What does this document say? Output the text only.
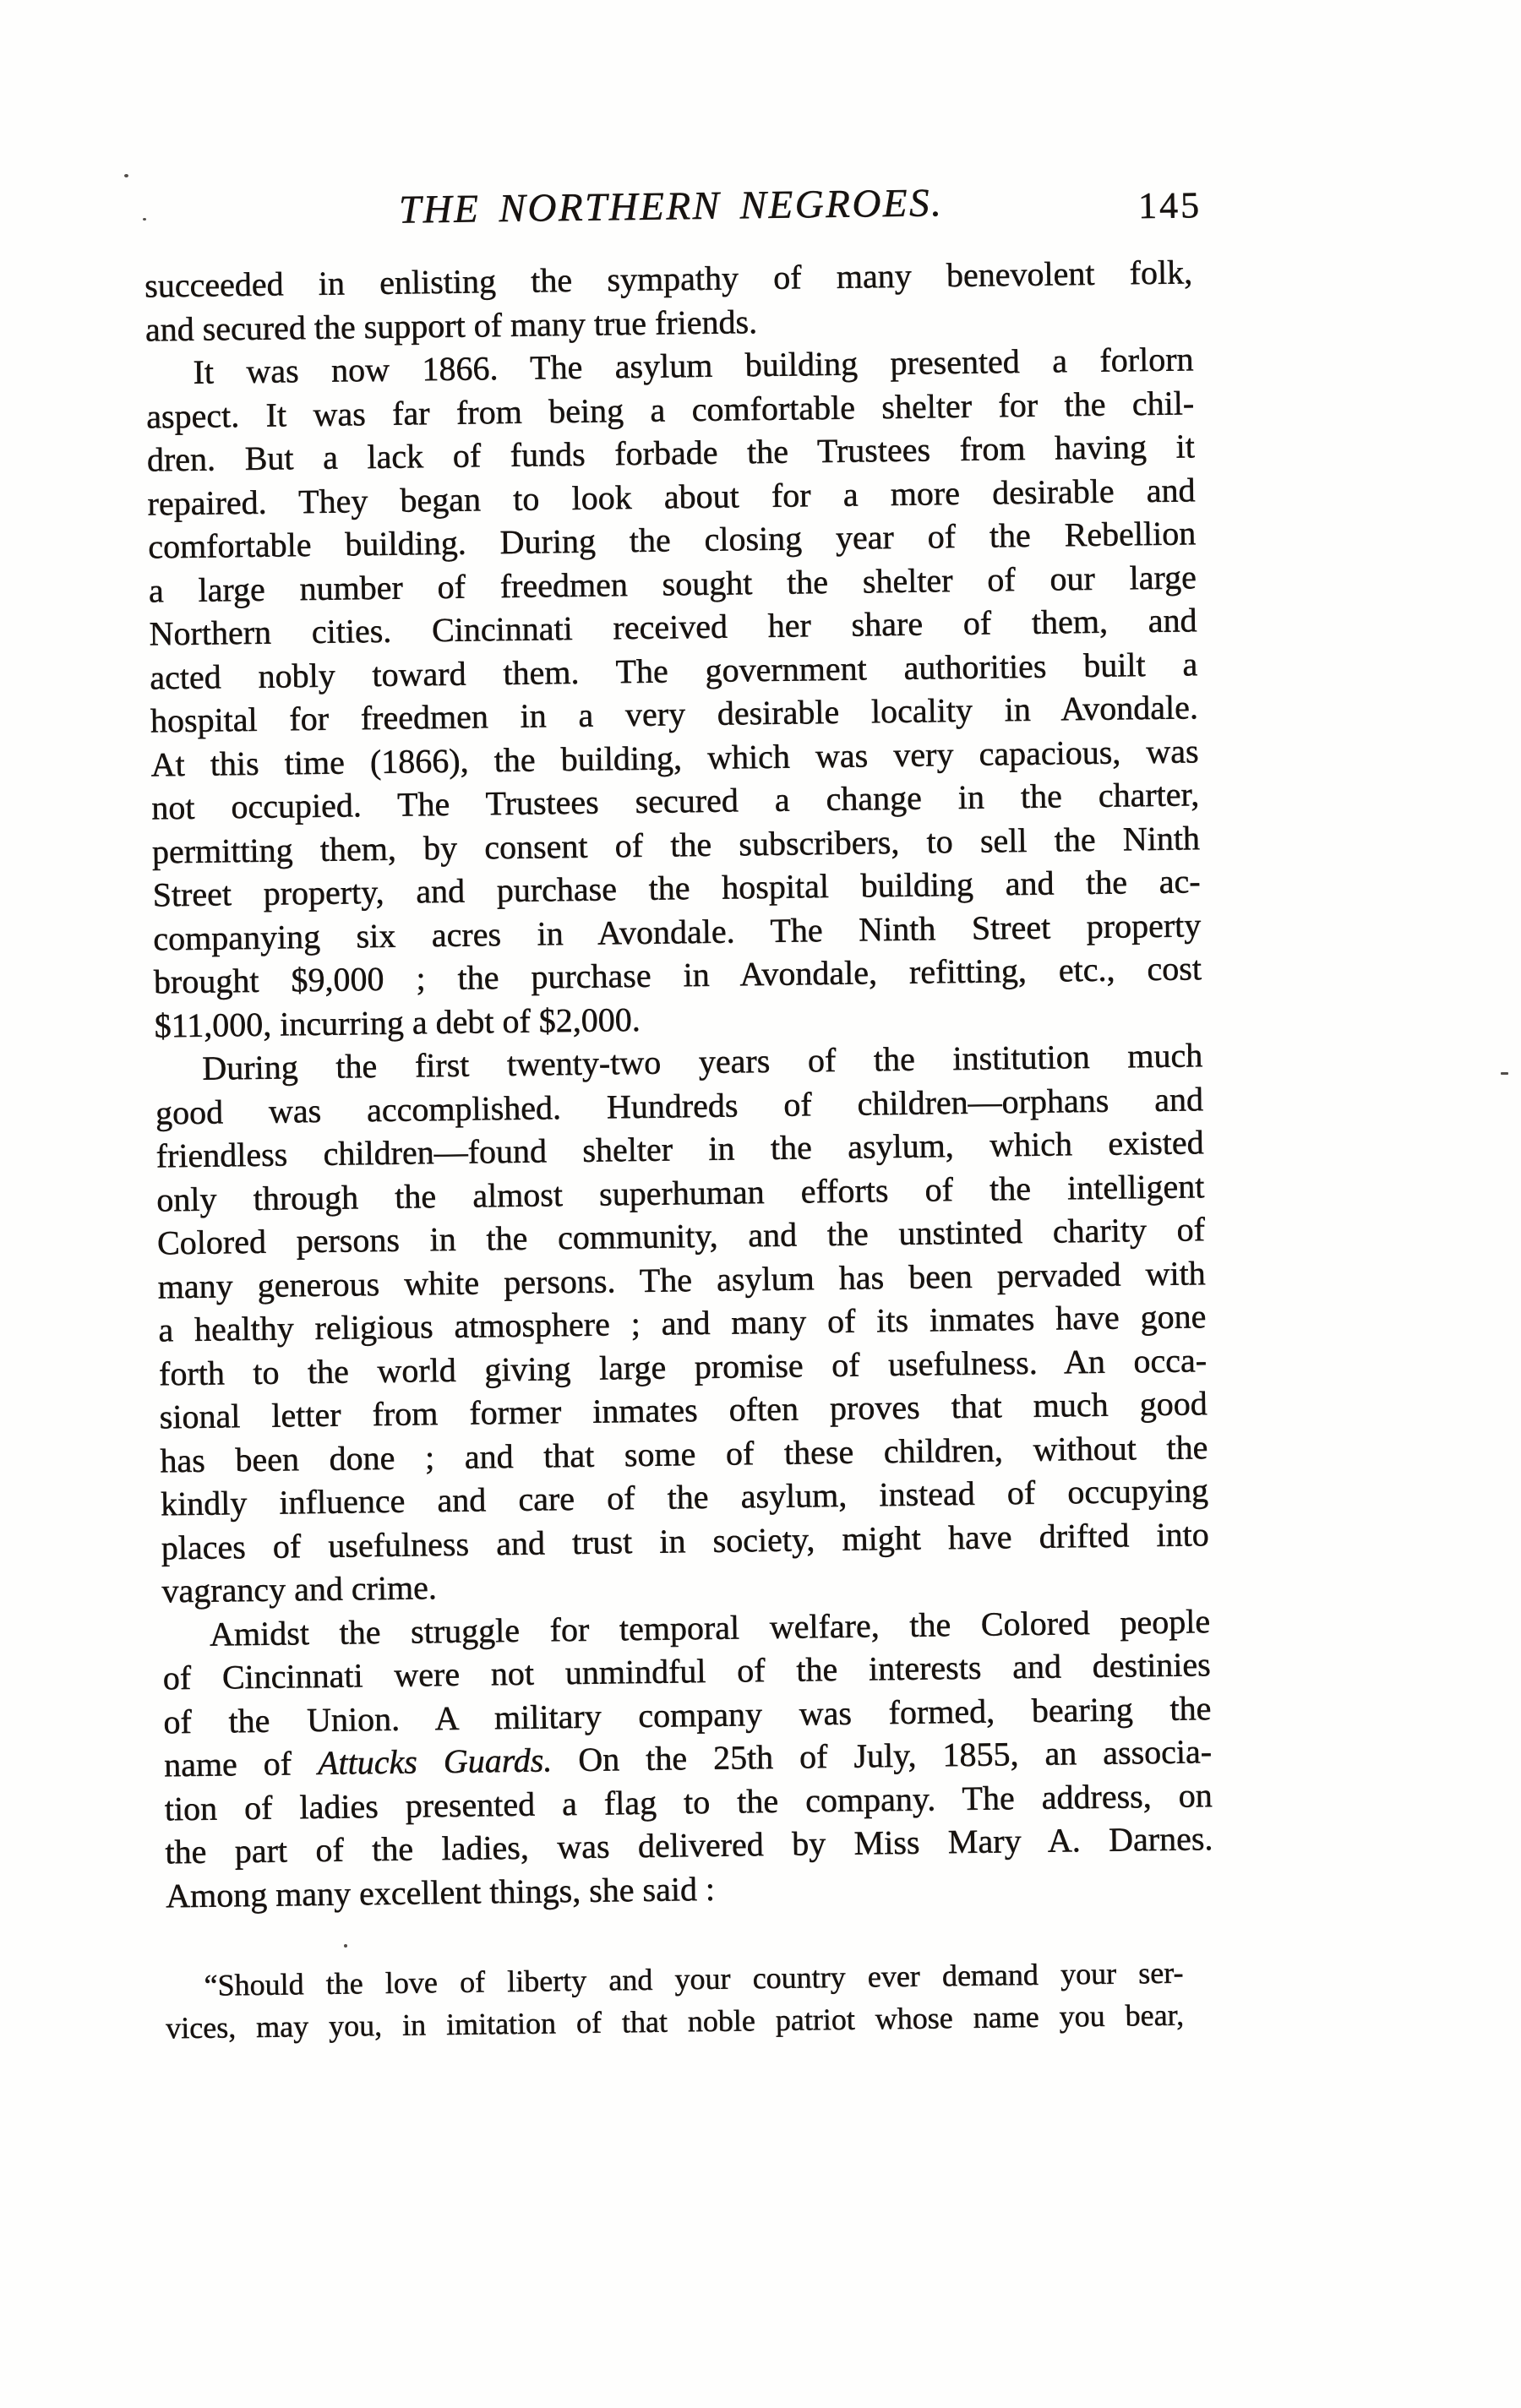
THE NORTHERN NEGROES.	145
succeeded in enlisting the sympathy of many benevolent folk,
and secured the support of many true friends.
It was now 1866. The asylum building presented a forlorn
aspect. It was far from being a comfortable shelter for the chil-
dren. But a lack of funds forbade the Trustees from having it
repaired. They began to look about for a more desirable and
comfortable building. During the closing year of the Rebellion
a large number of freedmen sought the shelter of our large
Northern cities. Cincinnati received her share of them, and
acted nobly toward them. The government authorities built a
hospital for freedmen in a very desirable locality in Avondale.
At this time (1866), the building, which was very capacious, was
not occupied. The Trustees secured a change in the charter,
permitting them, by consent of the subscribers, to sell the Ninth
Street property, and purchase the hospital building and the ac-
companying six acres in Avondale. The Ninth Street property
brought $9,000 ; the purchase in Avondale, refitting, etc., cost
$11,000, incurring a debt of $2,000.
During the first twenty-two years of the institution much
good was accomplished. Hundreds of children—orphans and
friendless children—found shelter in the asylum, which existed
only through the almost superhuman efforts of the intelligent
Colored persons in the community, and the unstinted charity of
many generous white persons. The asylum has been pervaded with
a healthy religious atmosphere ; and many of its inmates have gone
forth to the world giving large promise of usefulness. An occa-
sional letter from former inmates often proves that much good
has been done ; and that some of these children, without the
kindly influence and care of the asylum, instead of occupying
places of usefulness and trust in society, might have drifted into
vagrancy and crime.
Amidst the struggle for temporal welfare, the Colored people
of Cincinnati were not unmindful of the interests and destinies
of the Union. A military company was formed, bearing the
name of Attucks Guards. On the 25th of July, 1855, an associa-
tion of ladies presented a flag to the company. The address, on
the part of the ladies, was delivered by Miss Mary A. Darnes.
Among many excellent things, she said :
“Should the love of liberty and your country ever demand your ser-
vices, may you, in imitation of that noble patriot whose name you bear,
